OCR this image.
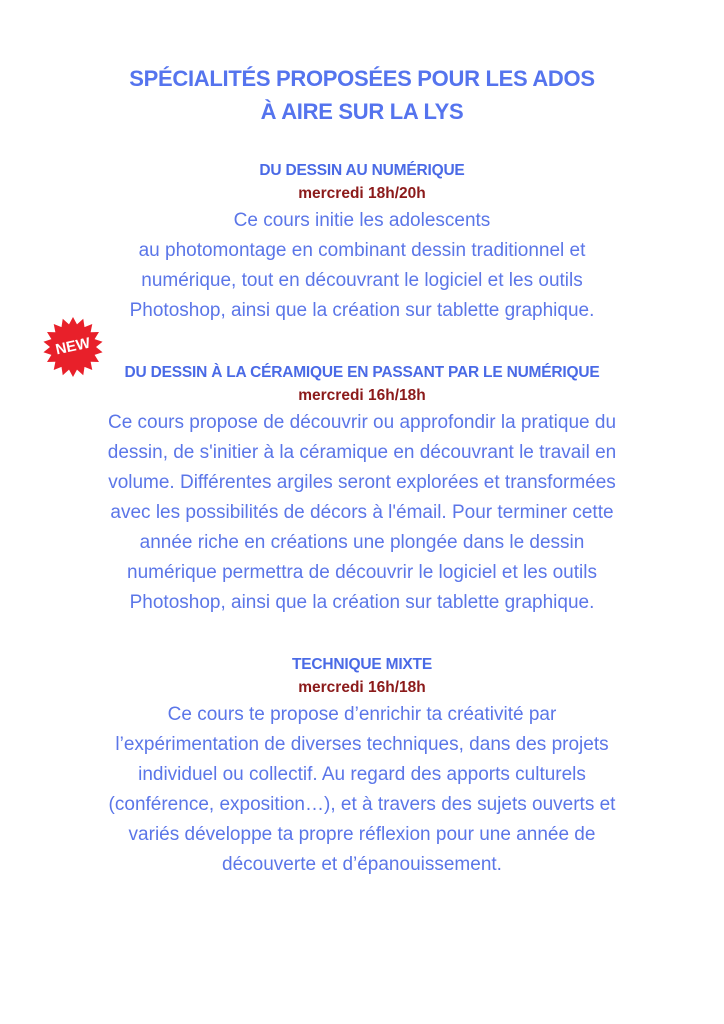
SPÉCIALITÉS PROPOSÉES POUR LES ADOS
À AIRE SUR LA LYS
DU DESSIN AU NUMÉRIQUE
mercredi 18h/20h
Ce cours initie les adolescents
au photomontage en combinant dessin traditionnel et
numérique, tout en découvrant le logiciel et les outils
Photoshop, ainsi que la création sur tablette graphique.
NEW
DU DESSIN À LA CÉRAMIQUE EN PASSANT PAR LE NUMÉRIQUE
mercredi 16h/18h
Ce cours propose de découvrir ou approfondir la pratique du
dessin, de s'initier à la céramique en découvrant le travail en
volume. Différentes argiles seront explorées et transformées
avec les possibilités de décors à l'émail. Pour terminer cette
année riche en créations une plongée dans le dessin
numérique permettra de découvrir le logiciel et les outils
Photoshop, ainsi que la création sur tablette graphique.
TECHNIQUE MIXTE
mercredi 16h/18h
Ce cours te propose d’enrichir ta créativité par
l’expérimentation de diverses techniques, dans des projets
individuel ou collectif. Au regard des apports culturels
(conférence, exposition…), et à travers des sujets ouverts et
variés développe ta propre réflexion pour une année de
découverte et d’épanouissement.
